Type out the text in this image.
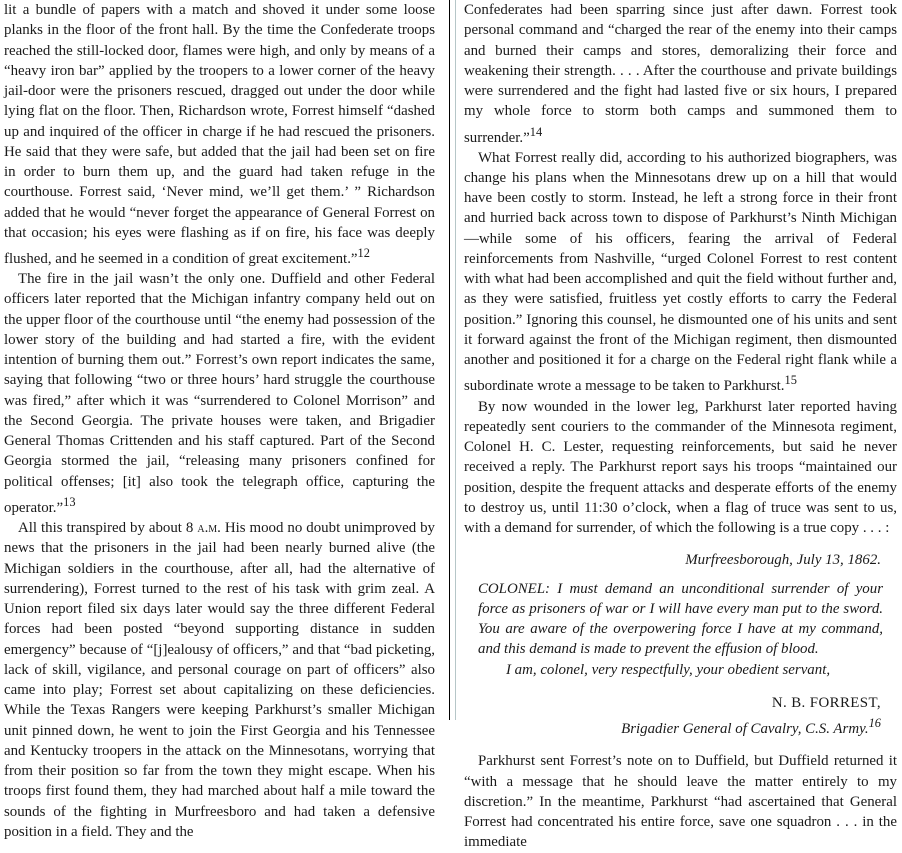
lit a bundle of papers with a match and shoved it under some loose planks in the floor of the front hall. By the time the Confederate troops reached the still-locked door, flames were high, and only by means of a “heavy iron bar” applied by the troopers to a lower corner of the heavy jail-door were the prisoners rescued, dragged out under the door while lying flat on the floor. Then, Richardson wrote, Forrest himself “dashed up and inquired of the officer in charge if he had rescued the prisoners. He said that they were safe, but added that the jail had been set on fire in order to burn them up, and the guard had taken refuge in the courthouse. Forrest said, ‘Never mind, we’ll get them.’ ” Richardson added that he would “never forget the appearance of General Forrest on that occasion; his eyes were flashing as if on fire, his face was deeply flushed, and he seemed in a condition of great excitement.”$^{12}$

The fire in the jail wasn’t the only one. Duffield and other Federal officers later reported that the Michigan infantry company held out on the upper floor of the courthouse until “the enemy had possession of the lower story of the building and had started a fire, with the evident intention of burning them out.” Forrest’s own report indicates the same, saying that following “two or three hours’ hard struggle the courthouse was fired,” after which it was “surrendered to Colonel Morrison” and the Second Georgia. The private houses were taken, and Brigadier General Thomas Crittenden and his staff captured. Part of the Second Georgia stormed the jail, “releasing many prisoners confined for political offenses; [it] also took the telegraph office, capturing the operator.”$^{13}$

All this transpired by about 8 a.m. His mood no doubt unimproved by news that the prisoners in the jail had been nearly burned alive (the Michigan soldiers in the courthouse, after all, had the alternative of surrendering), Forrest turned to the rest of his task with grim zeal. A Union report filed six days later would say the three different Federal forces had been posted “beyond supporting distance in sudden emergency” because of “[j]ealousy of officers,” and that “bad picketing, lack of skill, vigilance, and personal courage on part of officers” also came into play; Forrest set about capitalizing on these deficiencies. While the Texas Rangers were keeping Parkhurst’s smaller Michigan unit pinned down, he went to join the First Georgia and his Tennessee and Kentucky troopers in the attack on the Minnesotans, worrying that from their position so far from the town they might escape. When his troops first found them, they had marched about half a mile toward the sounds of the fighting in Murfreesboro and had taken a defensive position in a field. They and the

Confederates had been sparring since just after dawn. Forrest took personal command and “charged the rear of the enemy into their camps and burned their camps and stores, demoralizing their force and weakening their strength. . . . After the courthouse and private buildings were surrendered and the fight had lasted five or six hours, I prepared my whole force to storm both camps and summoned them to surrender.”$^{14}$

What Forrest really did, according to his authorized biographers, was change his plans when the Minnesotans drew up on a hill that would have been costly to storm. Instead, he left a strong force in their front and hurried back across town to dispose of Parkhurst’s Ninth Michigan—while some of his officers, fearing the arrival of Federal reinforcements from Nashville, “urged Colonel Forrest to rest content with what had been accomplished and quit the field without further and, as they were satisfied, fruitless yet costly efforts to carry the Federal position.” Ignoring this counsel, he dismounted one of his units and sent it forward against the front of the Michigan regiment, then dismounted another and positioned it for a charge on the Federal right flank while a subordinate wrote a message to be taken to Parkhurst.$^{15}$

By now wounded in the lower leg, Parkhurst later reported having repeatedly sent couriers to the commander of the Minnesota regiment, Colonel H. C. Lester, requesting reinforcements, but said he never received a reply. The Parkhurst report says his troops “maintained our position, despite the frequent attacks and desperate efforts of the enemy to destroy us, until 11:30 o’clock, when a flag of truce was sent to us, with a demand for surrender, of which the following is a true copy . . . :

Murfreesborough, July 13, 1862.

COLONEL: I must demand an unconditional surrender of your force as prisoners of war or I will have every man put to the sword. You are aware of the overpowering force I have at my command, and this demand is made to prevent the effusion of blood.

I am, colonel, very respectfully, your obedient servant,

N. B. FORREST,

Brigadier General of Cavalry, C.S. Army.$^{16}$

Parkhurst sent Forrest’s note on to Duffield, but Duffield returned it “with a message that he should leave the matter entirely to my discretion.” In the meantime, Parkhurst “had ascertained that General Forrest had concentrated his entire force, save one squadron . . . in the immediate
